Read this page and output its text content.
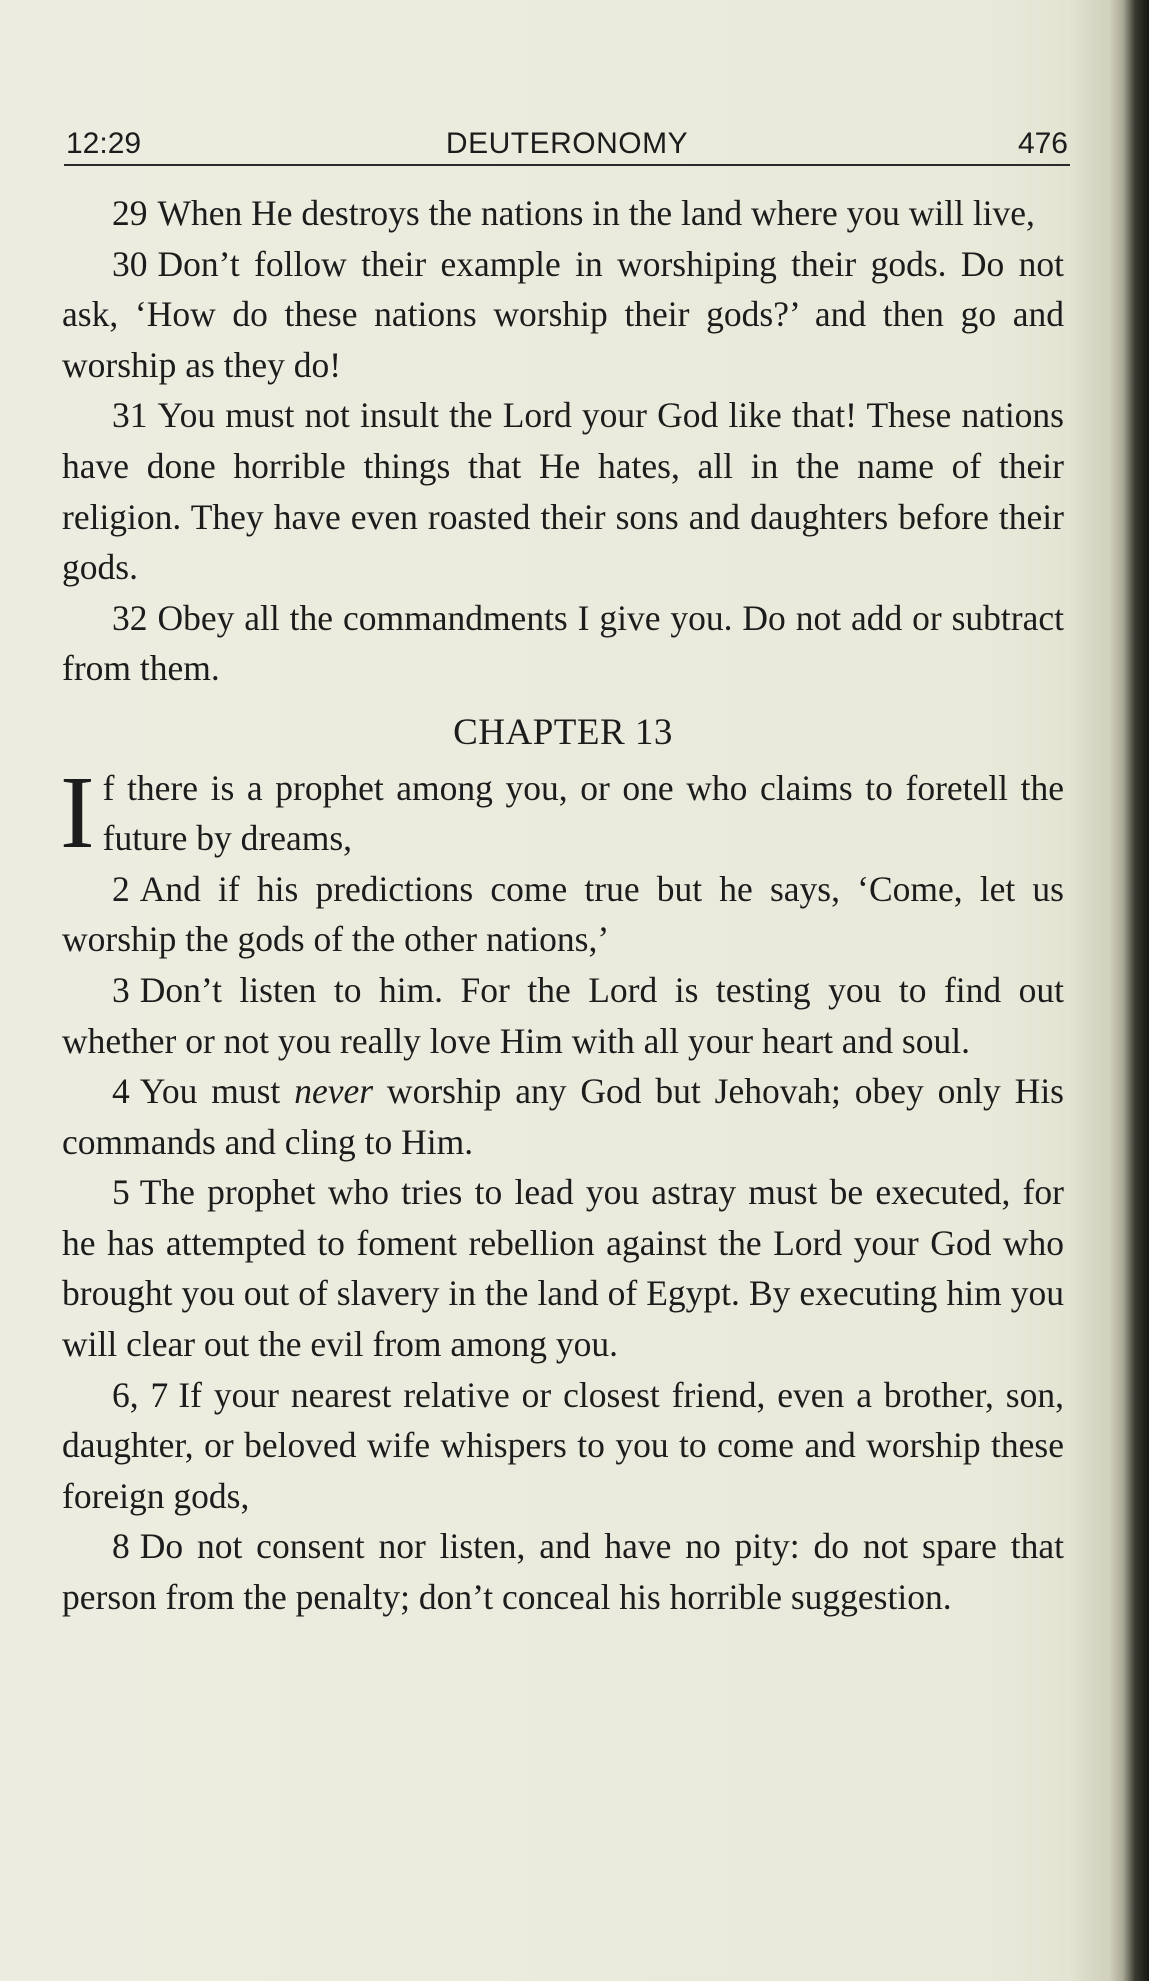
12:29	DEUTERONOMY	476

29 When He destroys the nations in the land where you will live,

30 Don’t follow their example in worshiping their gods. Do not ask, ‘How do these nations worship their gods?’ and then go and worship as they do!

31 You must not insult the Lord your God like that! These nations have done horrible things that He hates, all in the name of their religion. They have even roasted their sons and daughters before their gods.

32 Obey all the commandments I give you. Do not add or subtract from them.

CHAPTER 13

If there is a prophet among you, or one who claims to foretell the future by dreams,

2 And if his predictions come true but he says, ‘Come, let us worship the gods of the other nations,’

3 Don’t listen to him. For the Lord is testing you to find out whether or not you really love Him with all your heart and soul.

4 You must never worship any God but Jehovah; obey only His commands and cling to Him.

5 The prophet who tries to lead you astray must be executed, for he has attempted to foment rebellion against the Lord your God who brought you out of slavery in the land of Egypt. By executing him you will clear out the evil from among you.

6, 7 If your nearest relative or closest friend, even a brother, son, daughter, or beloved wife whispers to you to come and worship these foreign gods,

8 Do not consent nor listen, and have no pity: do not spare that person from the penalty; don’t conceal his horrible suggestion.
